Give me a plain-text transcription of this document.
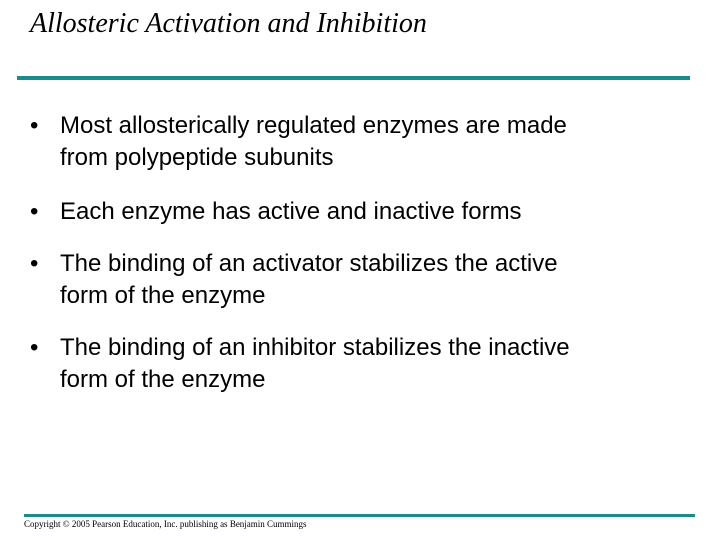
Allosteric Activation and Inhibition
• Most allosterically regulated enzymes are made
from polypeptide subunits
• Each enzyme has active and inactive forms
• The binding of an activator stabilizes the active
form of the enzyme
• The binding of an inhibitor stabilizes the inactive
form of the enzyme
Copyright © 2005 Pearson Education, Inc. publishing as Benjamin Cummings
